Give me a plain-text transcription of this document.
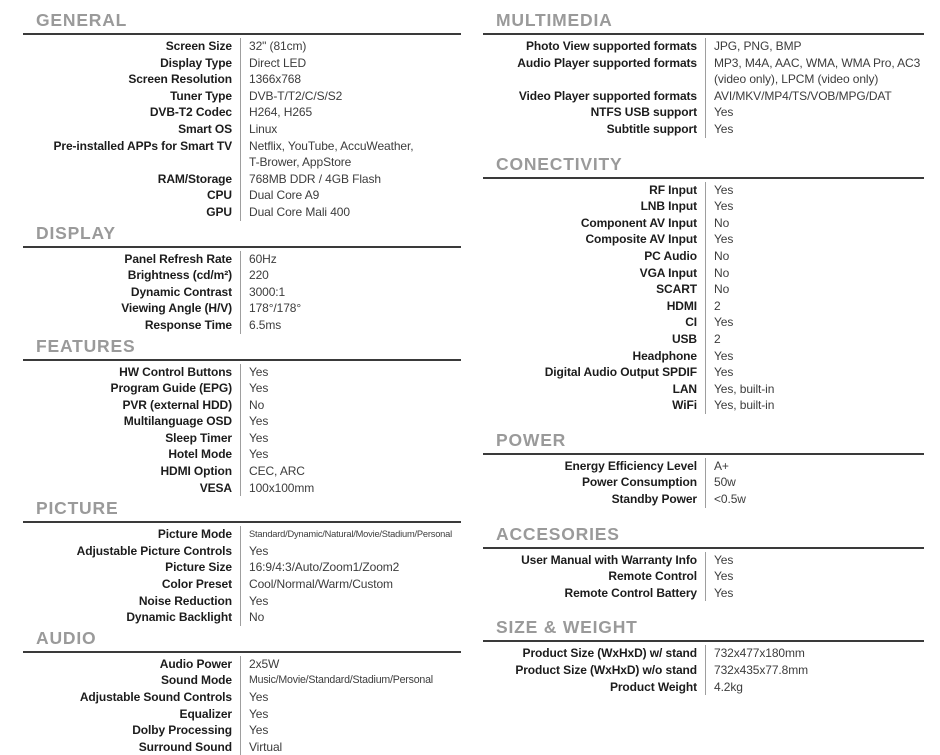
GENERAL
Screen Size	32" (81cm)
Display Type	Direct LED
Screen Resolution	1366x768
Tuner Type	DVB-T/T2/C/S/S2
DVB-T2 Codec	H264, H265
Smart OS	Linux
Pre-installed APPs for Smart TV	Netflix, YouTube, AccuWeather,
T-Brower, AppStore
RAM/Storage	768MB DDR / 4GB Flash
CPU	Dual Core A9
GPU	Dual Core Mali 400
DISPLAY
Panel Refresh Rate	60Hz
Brightness (cd/m²)	220
Dynamic Contrast	3000:1
Viewing Angle (H/V)	178°/178°
Response Time	6.5ms
FEATURES
HW Control Buttons	Yes
Program Guide (EPG)	Yes
PVR (external HDD)	No
Multilanguage OSD	Yes
Sleep Timer	Yes
Hotel Mode	Yes
HDMI Option	CEC, ARC
VESA	100x100mm
PICTURE
Picture Mode	Standard/Dynamic/Natural/Movie/Stadium/Personal
Adjustable Picture Controls	Yes
Picture Size	16:9/4:3/Auto/Zoom1/Zoom2
Color Preset	Cool/Normal/Warm/Custom
Noise Reduction	Yes
Dynamic Backlight	No
AUDIO
Audio Power	2x5W
Sound Mode	Music/Movie/Standard/Stadium/Personal
Adjustable Sound Controls	Yes
Equalizer	Yes
Dolby Processing	Yes
Surround Sound	Virtual
MULTIMEDIA
Photo View supported formats	JPG, PNG, BMP
Audio Player supported formats	MP3, M4A, AAC, WMA, WMA Pro, AC3
(video only), LPCM (video only)
Video Player supported formats	AVI/MKV/MP4/TS/VOB/MPG/DAT
NTFS USB support	Yes
Subtitle support	Yes
CONECTIVITY
RF Input	Yes
LNB Input	Yes
Component AV Input	No
Composite AV Input	Yes
PC Audio	No
VGA Input	No
SCART	No
HDMI	2
CI	Yes
USB	2
Headphone	Yes
Digital Audio Output SPDIF	Yes
LAN	Yes, built-in
WiFi	Yes, built-in
POWER
Energy Efficiency Level	A+
Power Consumption	50w
Standby Power	<0.5w
ACCESORIES
User Manual with Warranty Info	Yes
Remote Control	Yes
Remote Control Battery	Yes
SIZE & WEIGHT
Product Size (WxHxD) w/ stand	732x477x180mm
Product Size (WxHxD) w/o stand	732x435x77.8mm
Product Weight	4.2kg
